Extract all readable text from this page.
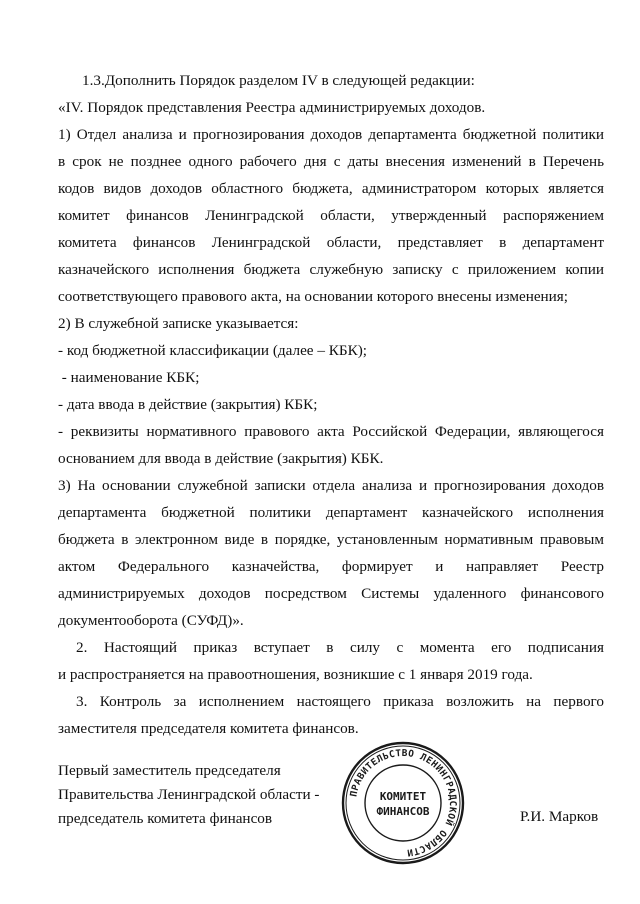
1.3.Дополнить Порядок разделом IV в следующей редакции:
«IV. Порядок представления Реестра администрируемых доходов.
1) Отдел анализа и прогнозирования доходов департамента бюджетной политики
в срок не позднее одного рабочего дня с даты внесения изменений в Перечень
кодов видов доходов областного бюджета, администратором которых является
комитет финансов Ленинградской области, утвержденный распоряжением
комитета финансов Ленинградской области, представляет в департамент
казначейского исполнения бюджета служебную записку с приложением копии
соответствующего правового акта, на основании которого внесены изменения;
2) В служебной записке указывается:
- код бюджетной классификации (далее – КБК);
- наименование КБК;
- дата ввода в действие (закрытия) КБК;
- реквизиты нормативного правового акта Российской Федерации, являющегося
основанием для ввода в действие (закрытия) КБК.
3) На основании служебной записки отдела анализа и прогнозирования доходов
департамента бюджетной политики департамент казначейского исполнения
бюджета в электронном виде в порядке, установленным нормативным правовым
актом Федерального казначейства, формирует и направляет Реестр
администрируемых доходов посредством Системы удаленного финансового
документооборота (СУФД)».
2. Настоящий приказ вступает в силу с момента его подписания
и распространяется на правоотношения, возникшие с 1 января 2019 года.
3. Контроль за исполнением настоящего приказа возложить на первого
заместителя председателя комитета финансов.
Первый заместитель председателя
Правительства Ленинградской области -
председатель комитета финансов
ПРАВИТЕЛЬСТВО ЛЕНИНГРАДСКОЙ ОБЛАСТИ
КОМИТЕТ
ФИНАНСОВ	Р.И. Марков
